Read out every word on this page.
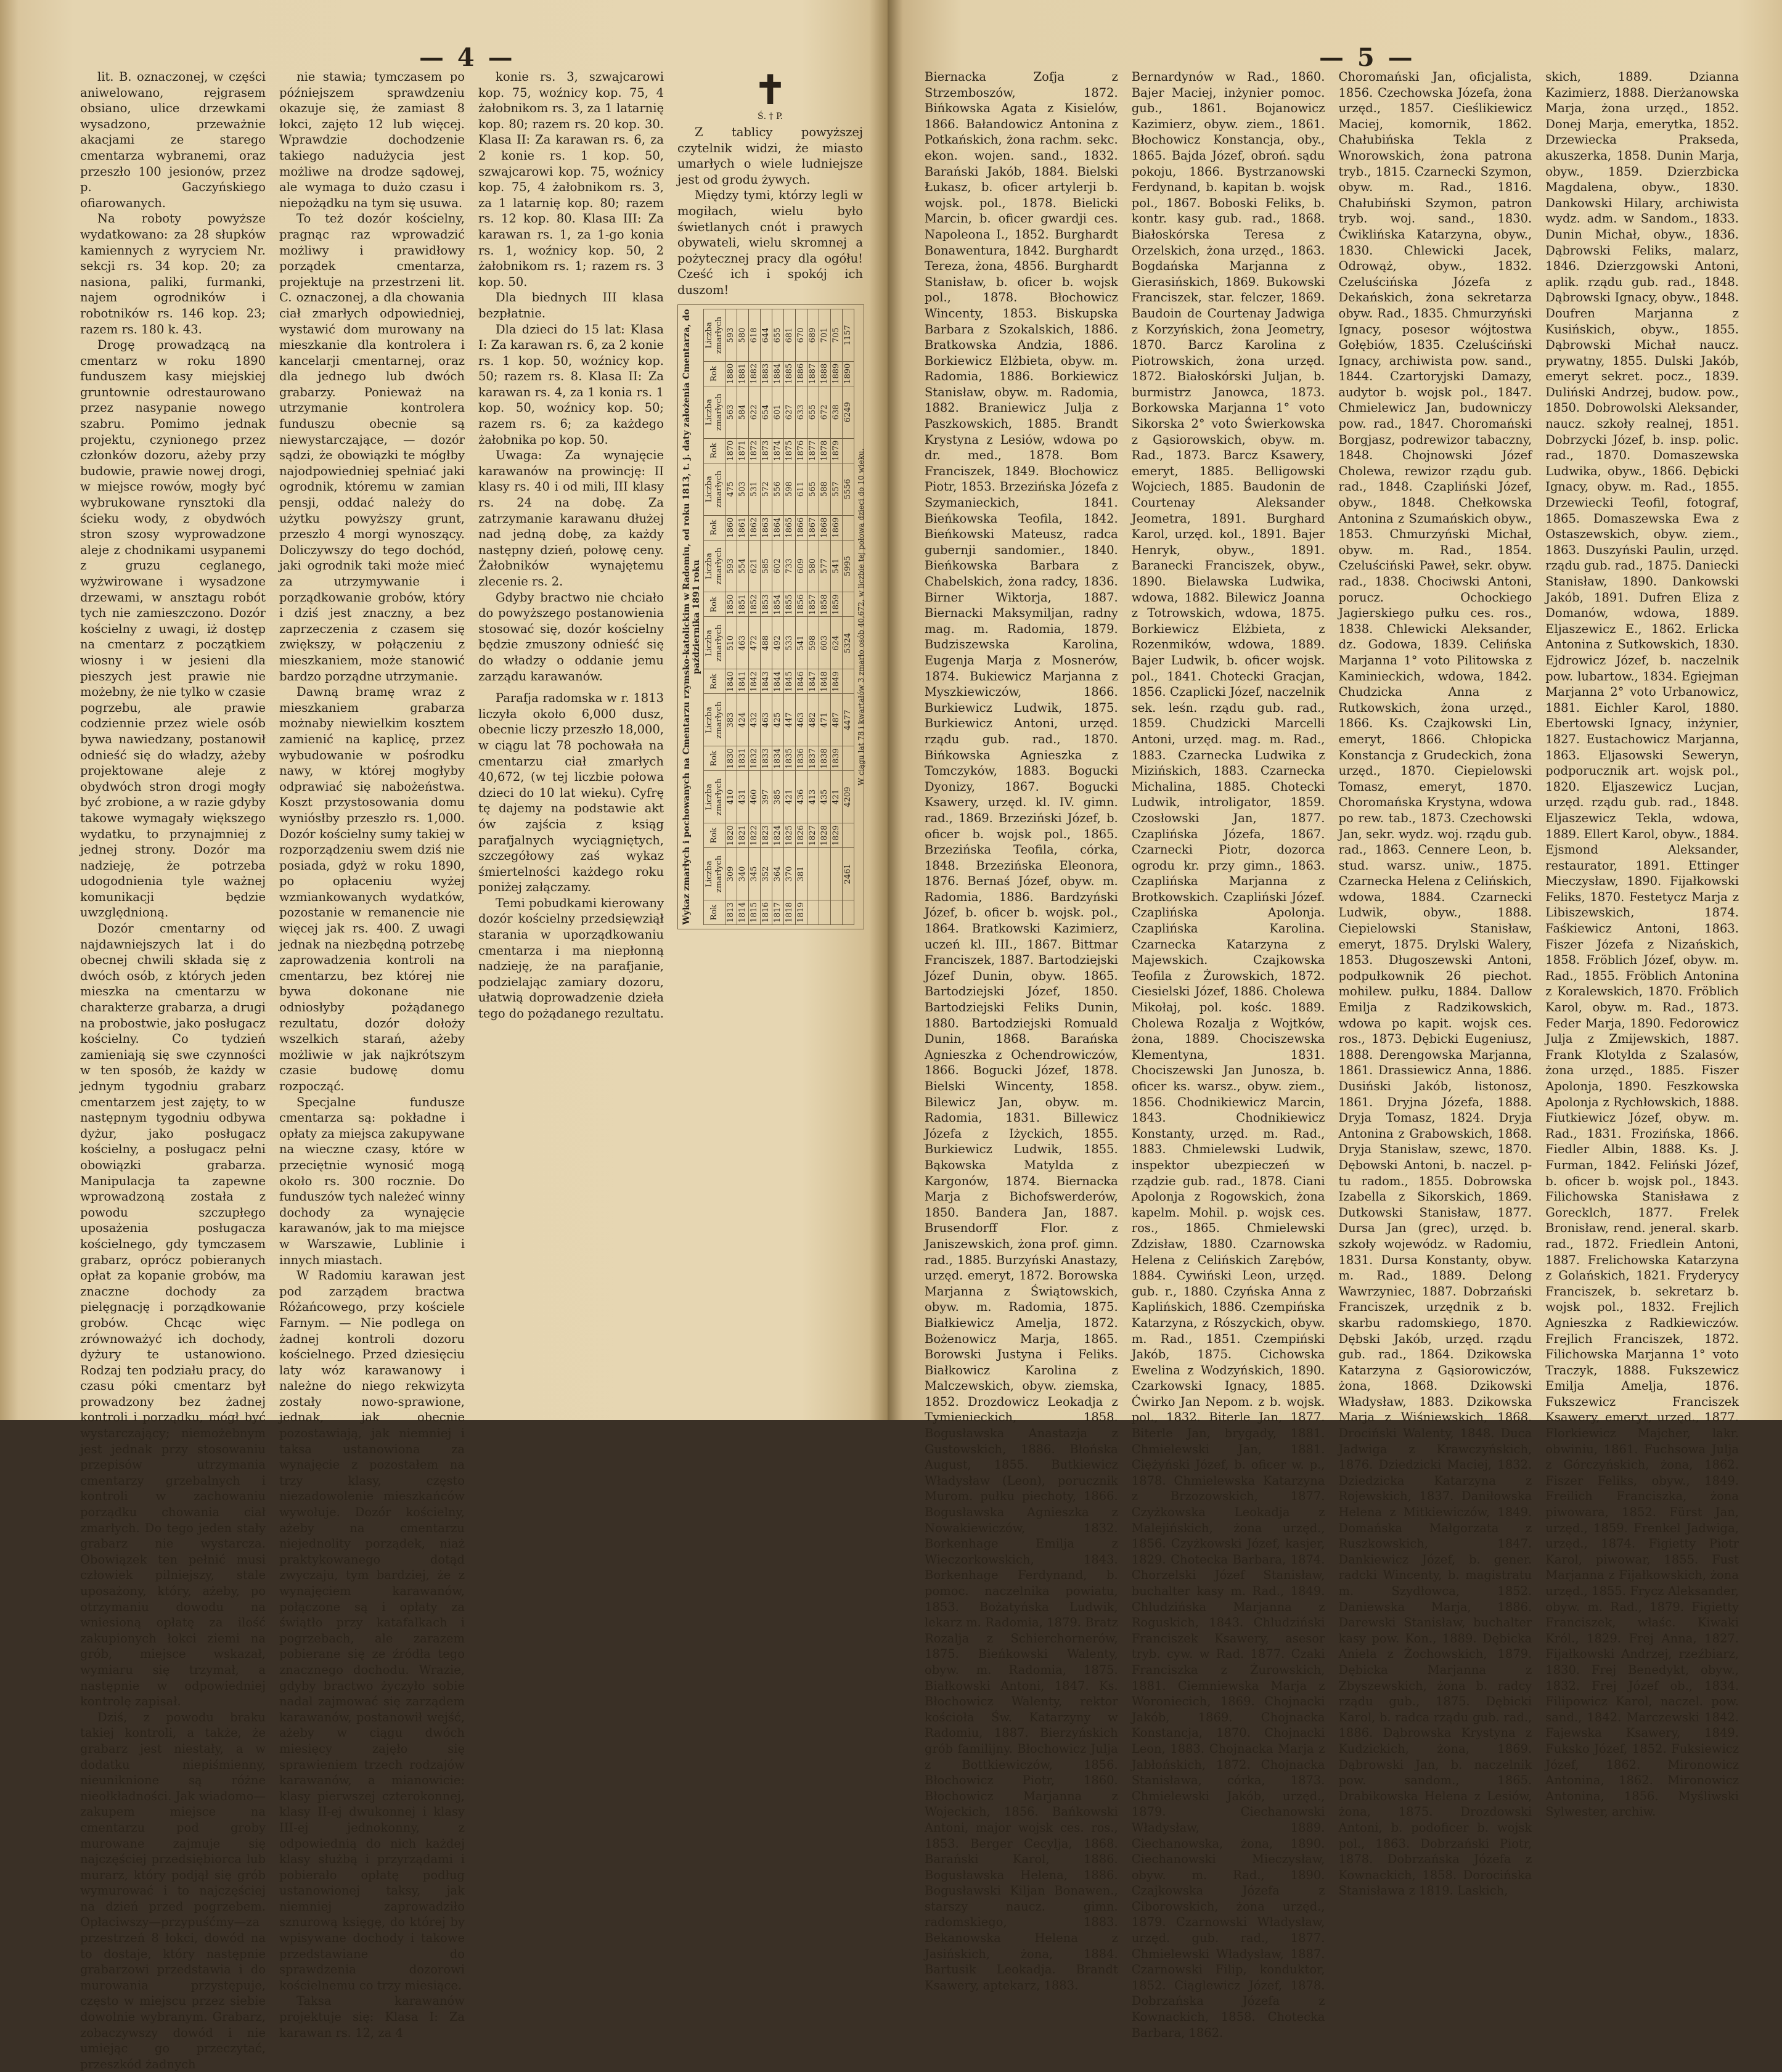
— 4 —

lit. B. oznaczonej, w części aniwelowano, rejgrasem obsiano, ulice drzewkami wysadzono, przeważnie akacjami ze starego cmentarza wybranemi, oraz przeszło 100 jesionów, przez p. Gaczyńskiego ofiarowanych.

Na roboty powyższe wydatkowano: za 28 słupków kamiennych z wyryciem Nr. sekcji rs. 34 kop. 20; za nasiona, paliki, furmanki, najem ogrodników i robotników rs. 146 kop. 23; razem rs. 180 k. 43.

Drogę prowadzącą na cmentarz w roku 1890 funduszem kasy miejskiej gruntownie odrestaurowano przez nasypanie nowego szabru. Pomimo jednak projektu, czynionego przez członków dozoru, ażeby przy budowie, prawie nowej drogi, w miejsce rowów, mogły być wybrukowane rynsztoki dla ścieku wody, z obydwóch stron szosy wyprowadzone aleje z chodnikami usypanemi z gruzu ceglanego, wyżwirowane i wysadzone drzewami, w ansztagu robót tych nie zamieszczono. Dozór kościelny z uwagi, iż dostęp na cmentarz z początkiem wiosny i w jesieni dla pieszych jest prawie nie możebny, że nie tylko w czasie pogrzebu, ale prawie codziennie przez wiele osób bywa nawiedzany, postanowił odnieść się do władzy, ażeby projektowane aleje z obydwóch stron drogi mogły być zrobione, a w razie gdyby takowe wymagały większego wydatku, to przynajmniej z jednej strony. Dozór ma nadzieję, że potrzeba udogodnienia tyle ważnej komunikacji będzie uwzględnioną.

Dozór cmentarny od najdawniejszych lat i do obecnej chwili składa się z dwóch osób, z których jeden mieszka na cmentarzu w charakterze grabarza, a drugi na probostwie, jako posługacz kościelny. Co tydzień zamieniają się swe czynności w ten sposób, że każdy w jednym tygodniu grabarz cmentarzem jest zajęty, to w następnym tygodniu odbywa dyżur, jako posługacz kościelny, a posługacz pełni obowiązki grabarza. Manipulacja ta zapewne wprowadzoną została z powodu szczupłego uposażenia posługacza kościelnego, gdy tymczasem grabarz, oprócz pobieranych opłat za kopanie grobów, ma znaczne dochody za pielęgnację i porządkowanie grobów. Chcąc więc zrównoważyć ich dochody, dyżury te ustanowiono. Rodzaj ten podziału pracy, do czasu póki cmentarz był prowadzony bez żadnej kontroli i porządku, mógł być wystarczający; niemożebnym jest jednak przy stosowaniu przepisów utrzymania cmentarzy grzebalnych i kontroli w zachowaniu porządku chowania ciał zmarłych. Do tego jeden stały grabarz nie wystarcza. Obowiązek ten pełnić musi człowiek pilniejszy, stale uposażony, który, ażeby, po otrzymaniu dowodu na wniesioną opłatę za ilość zakupionych łokci ziemi na grób, miejsce wskazał, wymiaru się trzymał, a następnie w odpowiedniej kontrolę zapisał.

Dziś, z powodu braku takiej kontroli, a także, że grabarz jest niestały, a w dodatku niepiśmienny, nieuniknione są różne nieołkładności. Jak wiadomo—zakupem miejsce na cmentarzu pod groby murowane zajmuje się najczęściej przedsiębiorca lub murarz, który podjął się grób wymurować i to najczęściej na dzień przed pogrzebem. Opłaciwszy—przypuśćmy—za przestrzeń 8 łokci, dowód na to dostaje, który następnie grabarzowi przedstawia i do murowania przystępuje, często w miejscu przez siebie dowolnie wybranym. Grabarz, zobaczywszy dowód i nie umiejąc go przeczytać, przeszkód żadnych

nie stawia; tymczasem po późniejszem sprawdzeniu okazuje się, że zamiast 8 łokci, zajęto 12 lub więcej. Wprawdzie dochodzenie takiego nadużycia jest możliwe na drodze sądowej, ale wymaga to dużo czasu i niepożądku na tym się usuwa.

To też dozór kościelny, pragnąc raz wprowadzić możliwy i prawidłowy porządek cmentarza, projektuje na przestrzeni lit. C. oznaczonej, a dla chowania ciał zmarłych odpowiedniej, wystawić dom murowany na mieszkanie dla kontrolera i kancelarji cmentarnej, oraz dla jednego lub dwóch grabarzy. Ponieważ na utrzymanie kontrolera funduszu obecnie są niewystarczające, — dozór sądzi, że obowiązki te mógłby najodpowiedniej spełniać jaki ogrodnik, któremu w zamian pensji, oddać należy do użytku powyższy grunt, przeszło 4 morgi wynoszący. Doliczywszy do tego dochód, jaki ogrodnik taki może mieć za utrzymywanie i porządkowanie grobów, który i dziś jest znaczny, a bez zaprzeczenia z czasem się zwiększy, w połączeniu z mieszkaniem, może stanowić bardzo porządne utrzymanie.

Dawną bramę wraz z mieszkaniem grabarza możnaby niewielkim kosztem zamienić na kaplicę, przez wybudowanie w pośrodku nawy, w której mogłyby odprawiać się nabożeństwa. Koszt przystosowania domu wyniósłby przeszło rs. 1,000. Dozór kościelny sumy takiej w rozporządzeniu swem dziś nie posiada, gdyż w roku 1890, po opłaceniu wyżej wzmiankowanych wydatków, pozostanie w remanencie nie więcej jak rs. 400. Z uwagi jednak na niezbędną potrzebę zaprowadzenia kontroli na cmentarzu, bez której nie bywa dokonane nie odniosłyby pożądanego rezultatu, dozór dołoży wszelkich starań, ażeby możliwie w jak najkrótszym czasie budowę domu rozpocząć.

Specjalne fundusze cmentarza są: pokładne i opłaty za miejsca zakupywane na wieczne czasy, które w przeciętnie wynosić mogą około rs. 300 rocznie. Do funduszów tych należeć winny dochody za wynajęcie karawanów, jak to ma miejsce w Warszawie, Lublinie i innych miastach.

W Radomiu karawan jest pod zarządem bractwa Różańcowego, przy kościele Farnym. — Nie podlega on żadnej kontroli dozoru kościelnego. Przed dziesięciu laty wóz karawanowy i należne do niego rekwizyta zostały nowo-sprawione, jednak, jak obecnie pozostawiają, jak niemniej i taksa ustanowiona za wynajęcie z pozostałem na trzy klasy, często niezadowolenie mieszkańców wywołuje. Dozór kościelny, ażeby na cmentarzu niejednolity porządek, niaż praktykowanego dotąd zwyczaju, tym bardziej, że z wynajęciem karawanów, połączone są i opłaty za świątło przy katafalkach i pogrzebach, ale zarazem pobierane się ze źródła tego znacznego dochodu. Wrazie, gdyby bractwo życzyło sobie nadal zajmować się zarządem karawanów, postanowił wejść, ażeby w ciągu dwóch miesięcy zajęło się sprawieniem trzech rodzajów karawanów, a mianowicie: klasy pierwszej czterokonnej, klasy II-ej dwukonnej i klasy III-ej jednokonny, z odpowiednią do nich każdej klasy służbą i przyrządami i pobierało opłatę podług ustanowionej taksy, jak niemniej zaprowadziło sznurową księgę, do której by wpisywane dochody i takowe przedstawiane do sprawdzenia dozorowi kościelnemu co trzy miesiące.

Taksa karawanów projektuje się: Klasa I: Za karawan rs. 12, za 4

konie rs. 3, szwajcarowi kop. 75, woźnicy kop. 75, 4 żałobnikom rs. 3, za 1 latarnię kop. 80; razem rs. 20 kop. 30. Klasa II: Za karawan rs. 6, za 2 konie rs. 1 kop. 50, szwajcarowi kop. 75, woźnicy kop. 75, 4 żałobnikom rs. 3, za 1 latarnię kop. 80; razem rs. 12 kop. 80. Klasa III: Za karawan rs. 1, za 1-go konia rs. 1, woźnicy kop. 50, 2 żałobnikom rs. 1; razem rs. 3 kop. 50.

Dla biednych III klasa bezpłatnie.

Dla dzieci do 15 lat: Klasa I: Za karawan rs. 6, za 2 konie rs. 1 kop. 50, woźnicy kop. 50; razem rs. 8. Klasa II: Za karawan rs. 4, za 1 konia rs. 1 kop. 50, woźnicy kop. 50; razem rs. 6; za każdego żałobnika po kop. 50.

Uwaga: Za wynajęcie karawanów na prowincję: II klasy rs. 40 i od mili, III klasy rs. 24 na dobę. Za zatrzymanie karawanu dłużej nad jedną dobę, za każdy następny dzień, połowę ceny. Żałobników wynajętemu zlecenie rs. 2.

Gdyby bractwo nie chciało do powyższego postanowienia stosować się, dozór kościelny będzie zmuszony odnieść się do władzy o oddanie jemu zarządu karawanów.

Parafja radomska w r. 1813 liczyła około 6,000 dusz, obecnie liczy przeszło 18,000, w ciągu lat 78 pochowała na cmentarzu ciał zmarłych 40,672, (w tej liczbie połowa dzieci do 10 lat wieku). Cyfrę tę dajemy na podstawie akt ów zajścia z ksiąg parafjalnych wyciągniętych, szczegółowy zaś wykaz śmiertelności każdego roku poniżej załączamy.

Temi pobudkami kierowany dozór kościelny przedsięwziął starania w uporządkowaniu cmentarza i ma niepłonną nadzieję, że na parafjanie, podzielając zamiary dozoru, ułatwią doprowadzenie dzieła tego do pożądanego rezultatu.

✝
Ś. † P.

Z tablicy powyższej czytelnik widzi, że miasto umarłych o wiele ludniejsze jest od grodu żywych.

Między tymi, którzy legli w mogiłach, wielu było świetlanych cnót i prawych obywateli, wielu skromnej a pożytecznej pracy dla ogółu! Cześć ich i spokój ich duszom!

Wykaz zmarłych i pochowanych na Cmentarzu rzymsko-katolickim w Radomiu, od roku 1813, t. j. daty założenia Cmentarza, do października 1891 roku
Rok	Liczba zmarłych	Rok	Liczba zmarłych	Rok	Liczba zmarłych	Rok	Liczba zmarłych	Rok	Liczba zmarłych	Rok	Liczba zmarłych	Rok	Liczba zmarłych	Rok	Liczba zmarłych
1813	309	1820	410	1830	383	1840	510	1850	593	1860	475	1870	563	1880	593
1814	340	1821	431	1831	424	1841	463	1851	554	1861	503	1871	584	1881	580
1815	345	1822	460	1832	432	1842	472	1852	621	1862	531	1872	622	1882	618
1816	352	1823	397	1833	463	1843	488	1853	585	1863	572	1873	654	1883	644
1817	364	1824	385	1834	425	1844	492	1854	602	1864	556	1874	601	1884	655
1818	370	1825	421	1835	447	1845	533	1855	733	1865	598	1875	627	1885	681
1819	381	1826	436	1836	463	1846	541	1856	609	1866	611	1876	633	1886	670
		1827	413	1837	482	1847	598	1857	580	1867	565	1877	655	1887	689
		1828	435	1838	471	1848	603	1858	577	1868	588	1878	672	1888	701
		1829	421	1839	487	1849	624	1859	541	1869	557	1879	638	1889	705
	2461		4209		4477		5324		5995		5556		6249	1890	1157
W ciągu lat 78 i kwartałów 3 zmarło osób 40,672, w liczbie tej połowa dzieci do 10 wieku.
— 5 —

Biernacka Zofja z Strzemboszów, 1872. Bińkowska Agata z Kisielów, 1866. Bałandowicz Antonina z Potkańskich, żona rachm. sekc. ekon. wojen. sand., 1832. Barański Jakób, 1884. Bielski Łukasz, b. oficer artylerji b. wojsk. pol., 1878. Bielicki Marcin, b. oficer gwardji ces. Napoleona I., 1852. Burghardt Bonawentura, 1842. Burghardt Tereza, żona, 4856. Burghardt Stanisław, b. oficer b. wojsk pol., 1878. Błochowicz Wincenty, 1853. Biskupska Barbara z Szokalskich, 1886. Bratkowska Andzia, 1886. Borkiewicz Elżbieta, obyw. m. Radomia, 1886. Borkiewicz Stanisław, obyw. m. Radomia, 1882. Braniewicz Julja z Paszkowskich, 1885. Brandt Krystyna z Lesiów, wdowa po dr. med., 1878. Bom Franciszek, 1849. Błochowicz Piotr, 1853. Brzezińska Józefa z Szymanieckich, 1841. Bieńkowska Teofila, 1842. Bieńkowski Mateusz, radca gubernji sandomier., 1840. Bieńkowska Barbara z Chabelskich, żona radcy, 1836. Birner Wiktorja, 1887. Biernacki Maksymiljan, radny mag. m. Radomia, 1879. Budziszewska Karolina, Eugenja Marja z Mosnerów, 1874. Bukiewicz Marjanna z Myszkiewiczów, 1866. Burkiewicz Ludwik, 1875. Burkiewicz Antoni, urzęd. rządu gub. rad., 1870. Bińkowska Agnieszka z Tomczyków, 1883. Bogucki Dyonizy, 1867. Bogucki Ksawery, urzęd. kl. IV. gimn. rad., 1869. Brzeziński Józef, b. oficer b. wojsk pol., 1865. Brzezińska Teofila, córka, 1848. Brzezińska Eleonora, 1876. Bernaś Józef, obyw. m. Radomia, 1886. Bardzyński Józef, b. oficer b. wojsk. pol., 1864. Bratkowski Kazimierz, uczeń kl. III., 1867. Bittmar Franciszek, 1887. Bartodziejski Józef Dunin, obyw. 1865. Bartodziejski Józef, 1850. Bartodziejski Feliks Dunin, 1880. Bartodziejski Romuald Dunin, 1868. Barańska Agnieszka z Ochendrowiczów, 1866. Bogucki Józef, 1878. Bielski Wincenty, 1858. Bilewicz Jan, obyw. m. Radomia, 1831. Billewicz Józefa z Iżyckich, 1855. Burkiewicz Ludwik, 1855. Bąkowska Matylda z Kargonów, 1874. Biernacka Marja z Bichofswerderów, 1850. Bandera Jan, 1887. Brusendorff Flor. z Janiszewskich, żona prof. gimn. rad., 1885. Burzyński Anastazy, urzęd. emeryt, 1872. Borowska Marjanna z Świątowskich, obyw. m. Radomia, 1875. Białkiewicz Amelja, 1872. Bożenowicz Marja, 1865. Borowski Justyna i Feliks. Białkowicz Karolina z Malczewskich, obyw. ziemska, 1852. Drozdowicz Leokadja z Tymienieckich, 1858. Bogusławska Anastazja z Gustowskich, 1886. Błońska August, 1855. Butkiewicz Władysław (Leon), porucznik Murom. pułku piechoty, 1866. Bogusławska Agnieszka z Nowakiewiczów, 1832. Borkenhage Emilja z Wieczorkowskich, 1843. Borkenhage Ferdynand, b. pomoc. naczelnika powiatu, 1853. Bożatyńska Ludwik, lekarz m. Radomia, 1879. Bratz Rozalja z Schierchornerów, 1875. Bieńkowski Walenty, obyw. m. Radomia, 1875. Białkowski Antoni, 1847. Ks. Błochowicz Walenty, rektor kościoła Św. Katarzyny w Radomiu, 1887. Bierzyńskich grób familijny. Błochowicz Julja z Bottkiewiczów, 1856. Błochowicz Piotr, 1860. Błochowicz Marjanna z Wojeckich, 1856. Bańkowski Antoni, major wojsk ces. ros., 1853. Berger Cecylja, 1868. Barański Karol, 1886. Bogusławska Helena, 1886. Bogusławski Kiljan Bonawen., starszy naucz. gimn. radomskiego, 1883. Bekanowska Helena z Jasińskich, żona, 1884. Bartusik Leokadja. Brandt Ksawery, aptekarz, 1883.

Bernardynów w Rad., 1860. Bajer Maciej, inżynier pomoc. gub., 1861. Bojanowicz Kazimierz, obyw. ziem., 1861. Błochowicz Konstancja, oby., 1865. Bajda Józef, obroń. sądu pokoju, 1866. Bystrzanowski Ferdynand, b. kapitan b. wojsk pol., 1867. Boboski Feliks, b. kontr. kasy gub. rad., 1868. Białoskórska Teresa z Orzelskich, żona urzęd., 1863. Bogdańska Marjanna z Gierasińskich, 1869. Bukowski Franciszek, star. felczer, 1869. Baudoin de Courtenay Jadwiga z Korzyńskich, żona Jeometry, 1870. Barcz Karolina z Piotrowskich, żona urzęd. 1872. Białoskórski Juljan, b. burmistrz Janowca, 1873. Borkowska Marjanna 1° voto Sikorska 2° voto Świerkowska z Gąsiorowskich, obyw. m. Rad., 1873. Barcz Ksawery, emeryt, 1885. Belligowski Wojciech, 1885. Baudonin de Courtenay Aleksander Jeometra, 1891. Burghard Karol, urzęd. kol., 1891. Bajer Henryk, obyw., 1891. Baranecki Franciszek, obyw., 1890. Bielawska Ludwika, wdowa, 1882. Bilewicz Joanna z Totrowskich, wdowa, 1875. Borkiewicz Elżbieta, z Rozenmików, wdowa, 1889. Bajer Ludwik, b. oficer wojsk. pol., 1841. Chotecki Gracjan, 1856. Czaplicki Józef, naczelnik sek. leśn. rządu gub. rad., 1859. Chudzicki Marcelli Antoni, urzęd. mag. m. Rad., 1883. Czarnecka Ludwika z Mizińskich, 1883. Czarnecka Michalina, 1885. Chotecki Ludwik, introligator, 1859. Czosłowski Jan, 1877. Czaplińska Józefa, 1867. Czarnecki Piotr, dozorca ogrodu kr. przy gimn., 1863. Czaplińska Marjanna z Brotkowskich. Czapliński Józef. Czaplińska Apolonja. Czaplińska Karolina. Czarnecka Katarzyna z Majewskich. Czajkowska Teofila z Żurowskich, 1872. Ciesielski Józef, 1886. Cholewa Mikołaj, pol. kośc. 1889. Cholewa Rozalja z Wojtków, żona, 1889. Chociszewska Klementyna, 1831. Chociszewski Jan Junosza, b. oficer ks. warsz., obyw. ziem., 1856. Chodnikiewicz Marcin, 1843. Chodnikiewicz Konstanty, urzęd. m. Rad., 1883. Chmielewski Ludwik, inspektor ubezpieczeń w rządzie gub. rad., 1878. Ciani Apolonja z Rogowskich, żona kapelm. Mohil. p. wojsk ces. ros., 1865. Chmielewski Zdzisław, 1880. Czarnowska Helena z Celińskich Zarębów, 1884. Cywiński Leon, urzęd. gub. r., 1880. Czyńska Anna z Kaplińskich, 1886. Czempińska Katarzyna, z Rószyckich, obyw. m. Rad., 1851. Czempiński Jakób, 1875. Cichowska Ewelina z Wodzyńskich, 1890. Czarkowski Ignacy, 1885. Ćwirko Jan Nepom. z b. wojsk. pol., 1832. Biterle Jan, 1877. Biterle Jan, brygady, 1881. Chmielewski Jan, 1881. Ciężyński Józef, b. oficer w. p., 1878. Chmielewska Katarzyna z Brzozowskich, 1877. Czyżkowska Leokadja z Malejińskich, żona urzęd., 1856. Czyżkowski Józef, kasjer, 1829. Chotecka Barbara, 1874. Chorzelski Józef Stanisław, buchalter kasy m. Rad., 1849. Chludzińska Marjanna z Roguskich, 1843. Chludziński Franciszek Ksawery, asesor tryb. cyw. w Rad. 1877. Czaki Franciszka z Żurowskich, 1881. Ciemniewska Marja z Woroniecich, 1869. Chojnacki Jakób, 1869. Chojnacka Konstancja, 1870. Chojnacki Leon, 1883. Chojnacka Marja z Jabłońskich, 1872. Chojnacka Stanisława, córka, 1873. Chmielewski Jakób, urzęd., 1879. Ciechanowski Władysław, 1889. Ciechanowska, żona, 1890. Ciechanowski Mieczysław, obyw. m. Rad., 1890. Czajkowska Józefa z Ciborowskich, żona urzęd., 1879. Czarnowski Władysław, urzęd. gub. rad., 1877. Chmielewski Władysław, 1887. Czarnowski Filip, konduktor, 1852. Ciąglewicz Józef, 1878. Dobrzańska Józefa z Kownackich, 1858. Chotecka Barbara, 1862.

Choromański Jan, oficjalista, 1856. Czechowska Józefa, żona urzęd., 1857. Cieślikiewicz Maciej, komornik, 1862. Chałubińska Tekla z Wnorowskich, żona patrona tryb., 1815. Czarnecki Szymon, obyw. m. Rad., 1816. Chałubiński Szymon, patron tryb. woj. sand., 1830. Ćwiklińska Katarzyna, obyw., 1830. Chlewicki Jacek, Odrowąż, obyw., 1832. Czeluścińska Józefa z Dekańskich, żona sekretarza obyw. Rad., 1835. Chmurzyński Ignacy, posesor wójtostwa Gołębiów, 1835. Czeluściński Ignacy, archiwista pow. sand., 1844. Czartoryjski Damazy, audytor b. wojsk pol., 1847. Chmielewicz Jan, budowniczy pow. rad., 1847. Choromański Borgjasz, podrewizor tabaczny, 1848. Chojnowski Józef Cholewa, rewizor rządu gub. rad., 1848. Czapliński Józef, obyw., 1848. Chełkowska Antonina z Szumańskich obyw., 1853. Chmurzyński Michał, obyw. m. Rad., 1854. Czeluściński Paweł, sekr. obyw. rad., 1838. Chociwski Antoni, porucz. Ochockiego Jagierskiego pułku ces. ros., 1838. Chlewicki Aleksander, dz. Godowa, 1839. Celińska Marjanna 1° voto Pilitowska z Kaminieckich, wdowa, 1842. Chudzicka Anna z Rutkowskich, żona urzęd., 1866. Ks. Czajkowski Lin, emeryt, 1866. Chłopicka Konstancja z Grudeckich, żona urzęd., 1870. Ciepielowski Tomasz, emeryt, 1870. Choromańska Krystyna, wdowa po rew. tab., 1873. Czechowski Jan, sekr. wydz. woj. rządu gub. rad., 1863. Cennere Leon, b. stud. warsz. uniw., 1875. Czarnecka Helena z Celińskich, wdowa, 1884. Czarnecki Ludwik, obyw., 1888. Ciepielowski Stanisław, emeryt, 1875. Drylski Walery, 1853. Długoszewski Antoni, podpułkownik 26 piechot. mohilew. pułku, 1884. Dallow Emilja z Radzikowskich, wdowa po kapit. wojsk ces. ros., 1873. Dębicki Eugeniusz, 1888. Derengowska Marjanna, 1861. Drassiewicz Anna, 1886. Dusiński Jakób, listonosz, 1861. Dryjna Józefa, 1888. Dryja Tomasz, 1824. Dryja Antonina z Grabowskich, 1868. Dryja Stanisław, szewc, 1870. Dębowski Antoni, b. naczel. p-tu radom., 1855. Dobrowska Izabella z Sikorskich, 1869. Dutkowski Stanisław, 1877. Dursa Jan (grec), urzęd. b. szkoły wojewódz. w Radomiu, 1831. Dursa Konstanty, obyw. m. Rad., 1889. Delong Wawrzyniec, 1887. Dobrzański Franciszek, urzędnik z b. skarbu radomskiego, 1870. Dębski Jakób, urzęd. rządu gub. rad., 1864. Dzikowska Katarzyna z Gąsiorowiczów, żona, 1868. Dzikowski Władysław, 1883. Dzikowska Marja z Wiśniewskich, 1868. Drociński Walenty, 1848. Duca Jadwiga z Krawczyńskich, 1876. Dziedzicki Maciej, 1832. Dziedzicka Katarzyna z Rojewskich, 1837. Daniłowska Helena z Mitkiewiczów, 1849. Domańska Małgorzata z Ruszkowskich, 1847. Dankiewicz Józef, b. gener. radcki Wincenty, b. magistratu m. Szydłowca, 1852. Daniewska Marja, 1886. Darewski Stanisław, buchalter kasy pow. Kon., 1889. Dębicka Aniela z Żochowskich, 1879. Dębicka Marjanna z Zbyszewskich, żona b. radcy rządu gub., 1875. Dębicki Karol, b. radca rządu gub. rad., 1886. Dąbrowska Krystyna z Kudzickich, żona, 1869. Dąbrowski Jan, b. naczelnik pow. sandom., 1865. Drabikowska Helena z Lesiów, żona, 1875. Drozdowski Antoni, b. podoficer b. wojsk pol., 1863. Dobrzański Piotr, 1878. Dobrzańska Józefa z Kownackich, 1858. Dorocińska Stanisława z 1819. Laskich,

skich, 1889. Dzianna Kazimierz, 1888. Dierżanowska Marja, żona urzęd., 1852. Donej Marja, emerytka, 1852. Drzewiecka Prakseda, akuszerka, 1858. Dunin Marja, obyw., 1859. Dzierzbicka Magdalena, obyw., 1830. Dankowski Hilary, archiwista wydz. adm. w Sandom., 1833. Dunin Michał, obyw., 1836. Dąbrowski Feliks, malarz, 1846. Dzierzgowski Antoni, aplik. rządu gub. rad., 1848. Dąbrowski Ignacy, obyw., 1848. Doufren Marjanna z Kusińskich, obyw., 1855. Dąbrowski Michał naucz. prywatny, 1855. Dulski Jakób, emeryt sekret. pocz., 1839. Duliński Andrzej, budow. pow., 1850. Dobrowolski Aleksander, naucz. szkoły realnej, 1851. Dobrzycki Józef, b. insp. polic. rad., 1870. Domaszewska Ludwika, obyw., 1866. Dębicki Ignacy, obyw. m. Rad., 1855. Drzewiecki Teofil, fotograf, 1865. Domaszewska Ewa z Ostaszewskich, obyw. ziem., 1863. Duszyński Paulin, urzęd. rządu gub. rad., 1875. Daniecki Stanisław, 1890. Dankowski Jakób, 1891. Dufren Eliza z Domanów, wdowa, 1889. Eljaszewicz E., 1862. Erlicka Antonina z Sutkowskich, 1830. Ejdrowicz Józef, b. naczelnik pow. lubartow., 1834. Egiejman Marjanna 2° voto Urbanowicz, 1881. Eichler Karol, 1880. Ebertowski Ignacy, inżynier, 1827. Eustachowicz Marjanna, 1863. Eljasowski Seweryn, podporucznik art. wojsk pol., 1820. Eljaszewicz Lucjan, urzęd. rządu gub. rad., 1848. Eljaszewicz Tekla, wdowa, 1889. Ellert Karol, obyw., 1884. Ejsmond Aleksander, restaurator, 1891. Ettinger Mieczysław, 1890. Fijałkowski Feliks, 1870. Festetycz Marja z Libiszewskich, 1874. Faśkiewicz Antoni, 1863. Fiszer Józefa z Nizańskich, 1858. Fröblich Józef, obyw. m. Rad., 1855. Fröblich Antonina z Koralewskich, 1870. Fröblich Karol, obyw. m. Rad., 1873. Feder Marja, 1890. Fedorowicz Julja z Zmijewskich, 1887. Frank Klotylda z Szalasów, żona urzęd., 1885. Fiszer Apolonja, 1890. Feszkowska Apolonja z Rychłowskich, 1888. Fiutkiewicz Józef, obyw. m. Rad., 1831. Frozińska, 1866. Fiedler Albin, 1888. Ks. J. Furman, 1842. Feliński Józef, b. oficer b. wojsk pol., 1843. Filichowska Stanisława z Gorecklch, 1877. Frelek Bronisław, rend. jeneral. skarb. rad., 1872. Friedlein Antoni, 1887. Frelichowska Katarzyna z Golańskich, 1821. Fryderycy Franciszek, b. sekretarz b. wojsk pol., 1832. Frejlich Agnieszka z Radkiewiczów. Frejlich Franciszek, 1872. Filichowska Marjanna 1° voto Traczyk, 1888. Fukszewicz Emilja Amelja, 1876. Fukszewicz Franciszek Ksawery, emeryt, urzęd., 1877. Florkiewicz Majcher, lakr. obwiniu, 1861. Fuchsowa Julja z Górczyńskich, żona, 1862. Fiszer Feliks, obyw., 1849. Freilich Franciszka, żona piwowara, 1852. Fürst Jan, urzęd., 1859. Frenkel Jadwiga, urzęd., 1874. Figietty Piotr Karol, piwowar, 1855. Fust Marjanna z Fijałkowskich, żona urzęd., 1855. Frycz Aleksander, obyw. m. Rad., 1879. Figietty Franciszek, właśc. Kiwaki Król., 1829. Frej Anna, 1827. Fijałkowski Andrzej, rzeźbiarz, 1830. Frej Benedykt, obyw., 1832. Frej Józef ob., 1834. Filipowicz Karol, naczel. pow. sand., 1842. Marczewski 1842. Fajewska Ksawery, 1849. Fuksko Józef, 1852. Fuksiewicz Józef, 1862. Mironowicz Antonina, 1862. Mironowicz Antonina, 1856. Myśliwski Sylwester, archiw.
